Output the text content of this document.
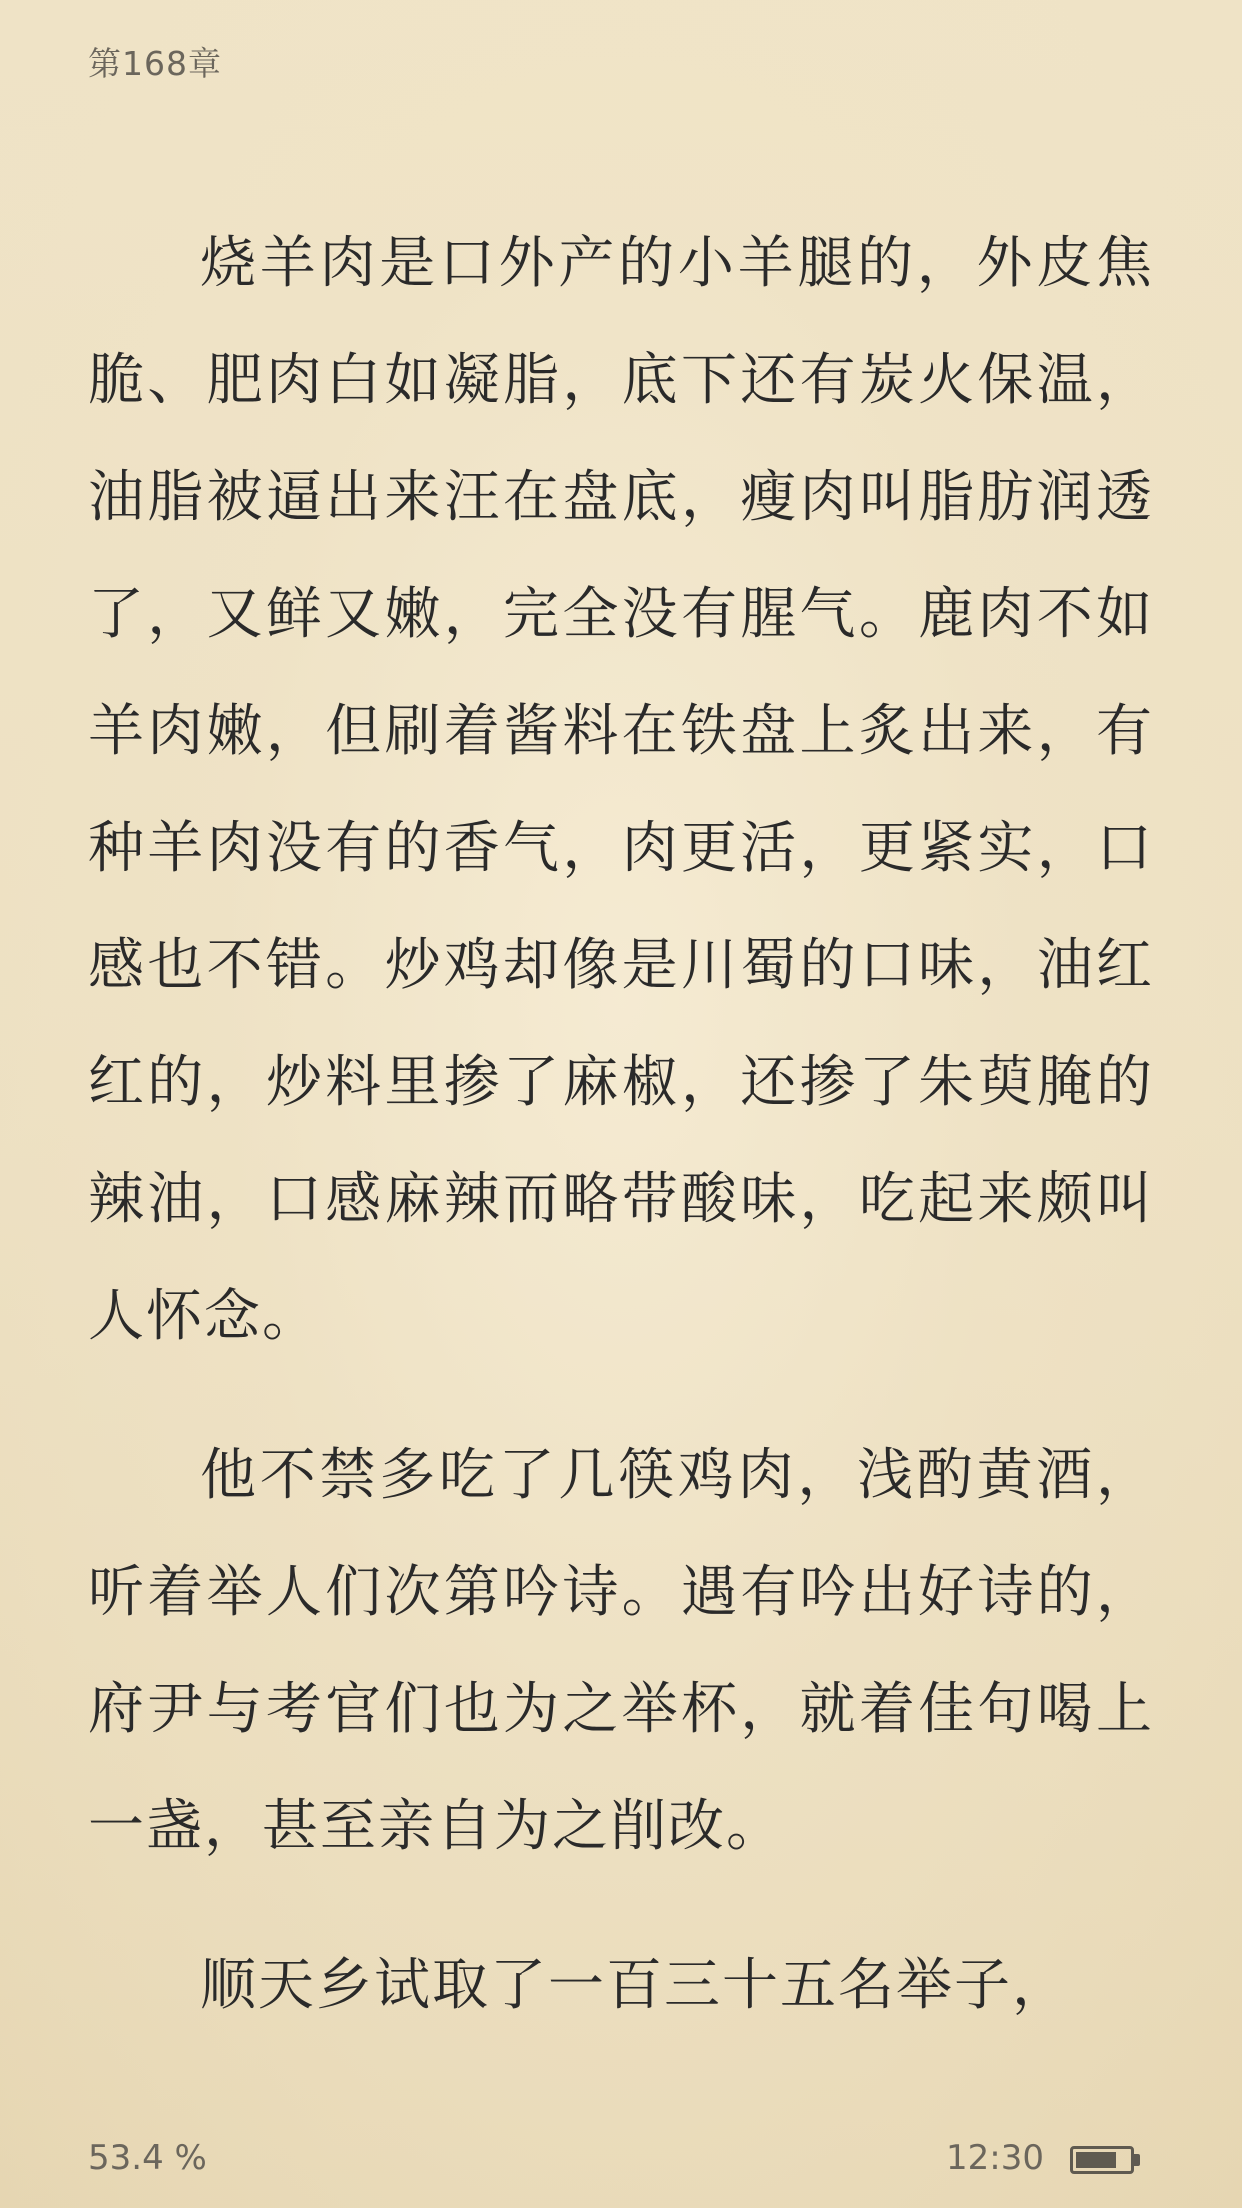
第168章

烧羊肉是口外产的小羊腿的，外皮焦脆、肥肉白如凝脂，底下还有炭火保温，油脂被逼出来汪在盘底，瘦肉叫脂肪润透了，又鲜又嫩，完全没有腥气。鹿肉不如羊肉嫩，但刷着酱料在铁盘上炙出来，有种羊肉没有的香气，肉更活，更紧实，口感也不错。炒鸡却像是川蜀的口味，油红红的，炒料里掺了麻椒，还掺了朱萸腌的辣油，口感麻辣而略带酸味，吃起来颇叫人怀念。

他不禁多吃了几筷鸡肉，浅酌黄酒，听着举人们次第吟诗。遇有吟出好诗的，府尹与考官们也为之举杯，就着佳句喝上一盏，甚至亲自为之削改。

顺天乡试取了一百三十五名举子，

53.4 %	12:30
